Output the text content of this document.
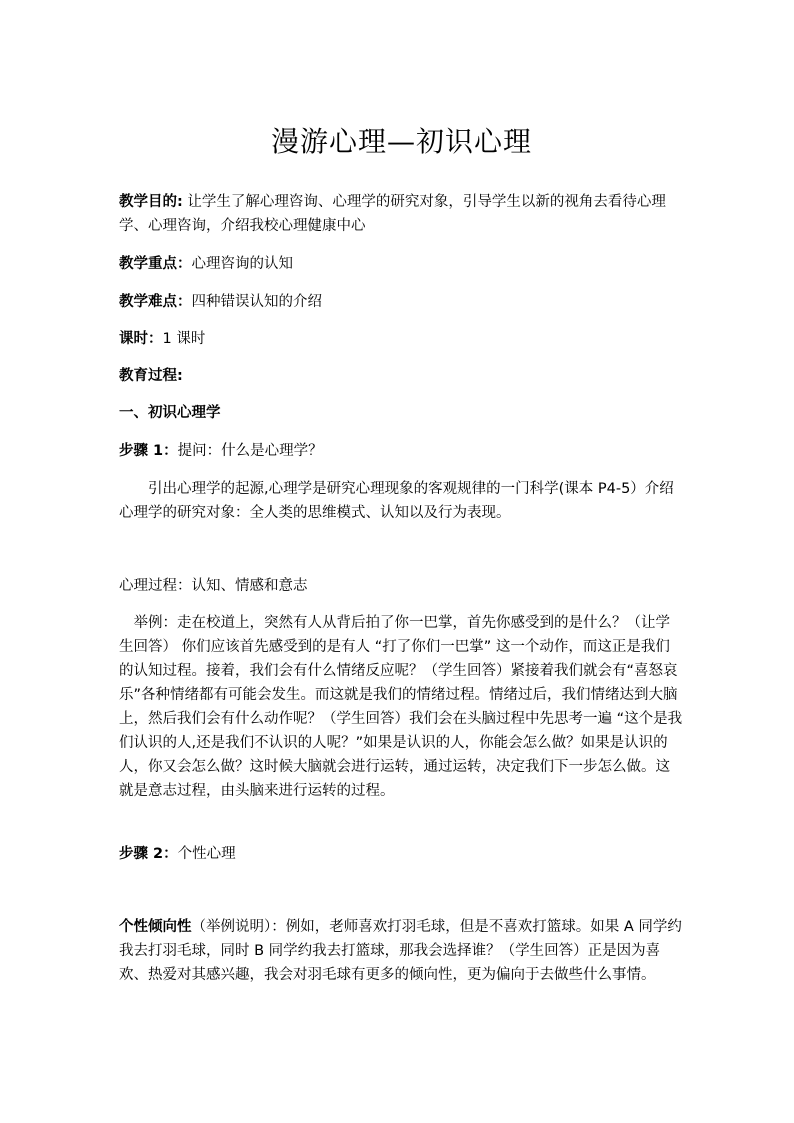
漫游心理—初识心理

教学目的: 让学生了解心理咨询、心理学的研究对象，引导学生以新的视角去看待心理学、心理咨询，介绍我校心理健康中心

教学重点：心理咨询的认知

教学难点：四种错误认知的介绍

课时：1 课时

教育过程:

一、初识心理学

步骤 1：提问：什么是心理学？

引出心理学的起源,心理学是研究心理现象的客观规律的一门科学(课本 P4-5）介绍心理学的研究对象：全人类的思维模式、认知以及行为表现。

心理过程：认知、情感和意志

举例：走在校道上，突然有人从背后拍了你一巴掌，首先你感受到的是什么？（让学生回答） 你们应该首先感受到的是有人 “打了你们一巴掌” 这一个动作，而这正是我们的认知过程。接着，我们会有什么情绪反应呢？（学生回答）紧接着我们就会有“喜怒哀乐”各种情绪都有可能会发生。而这就是我们的情绪过程。情绪过后，我们情绪达到大脑上，然后我们会有什么动作呢？（学生回答）我们会在头脑过程中先思考一遍 “这个是我们认识的人,还是我们不认识的人呢？”如果是认识的人，你能会怎么做？如果是认识的人，你又会怎么做？这时候大脑就会进行运转，通过运转，决定我们下一步怎么做。这就是意志过程，由头脑来进行运转的过程。

步骤 2：个性心理

个性倾向性（举例说明）：例如，老师喜欢打羽毛球，但是不喜欢打篮球。如果 A 同学约我去打羽毛球，同时 B 同学约我去打篮球，那我会选择谁？（学生回答）正是因为喜欢、热爱对其感兴趣，我会对羽毛球有更多的倾向性，更为偏向于去做些什么事情。
